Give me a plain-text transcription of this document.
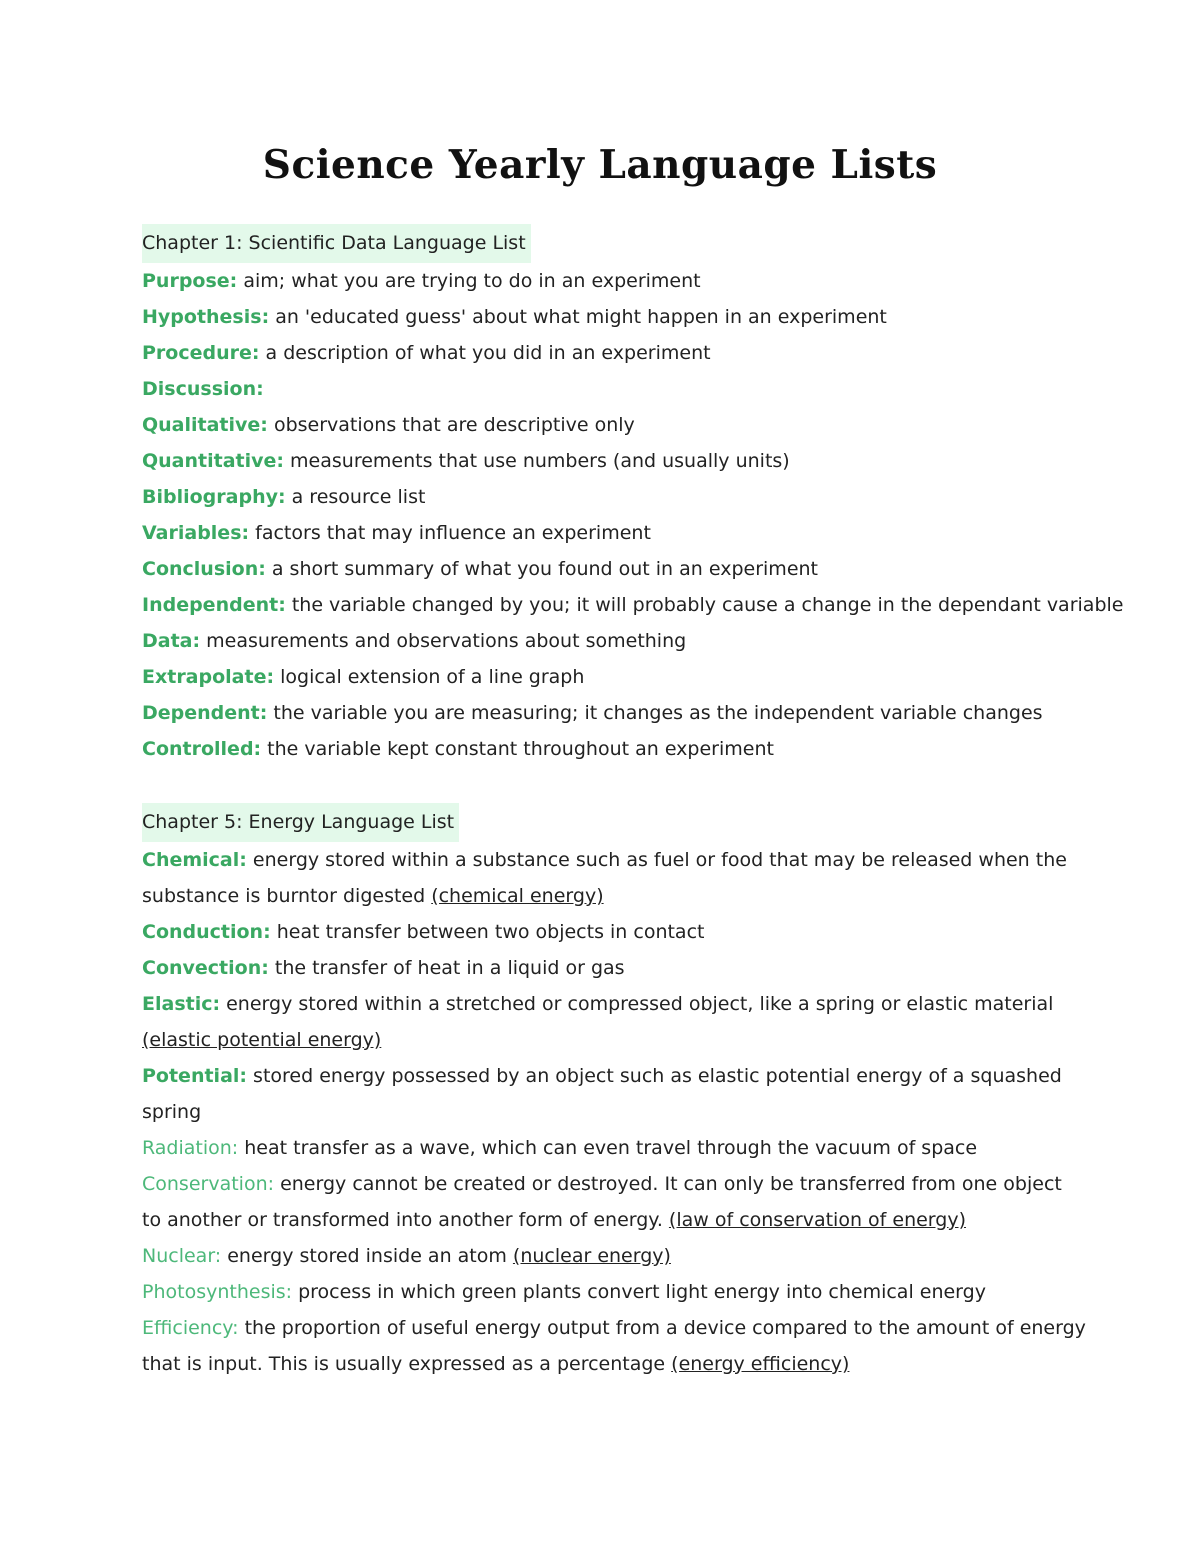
Science Yearly Language Lists
Chapter 1: Scientific Data Language List
Purpose: aim; what you are trying to do in an experiment
Hypothesis: an 'educated guess' about what might happen in an experiment
Procedure: a description of what you did in an experiment
Discussion:
Qualitative: observations that are descriptive only
Quantitative: measurements that use numbers (and usually units)
Bibliography: a resource list
Variables: factors that may influence an experiment
Conclusion: a short summary of what you found out in an experiment
Independent: the variable changed by you; it will probably cause a change in the dependant variable
Data: measurements and observations about something
Extrapolate: logical extension of a line graph
Dependent: the variable you are measuring; it changes as the independent variable changes
Controlled: the variable kept constant throughout an experiment
Chapter 5: Energy Language List
Chemical: energy stored within a substance such as fuel or food that may be released when the
substance is burntor digested (chemical energy)
Conduction: heat transfer between two objects in contact
Convection: the transfer of heat in a liquid or gas
Elastic: energy stored within a stretched or compressed object, like a spring or elastic material
(elastic potential energy)
Potential: stored energy possessed by an object such as elastic potential energy of a squashed
spring
Radiation: heat transfer as a wave, which can even travel through the vacuum of space
Conservation: energy cannot be created or destroyed. It can only be transferred from one object
to another or transformed into another form of energy. (law of conservation of energy)
Nuclear: energy stored inside an atom (nuclear energy)
Photosynthesis: process in which green plants convert light energy into chemical energy
Efficiency: the proportion of useful energy output from a device compared to the amount of energy
that is input. This is usually expressed as a percentage (energy efficiency)
